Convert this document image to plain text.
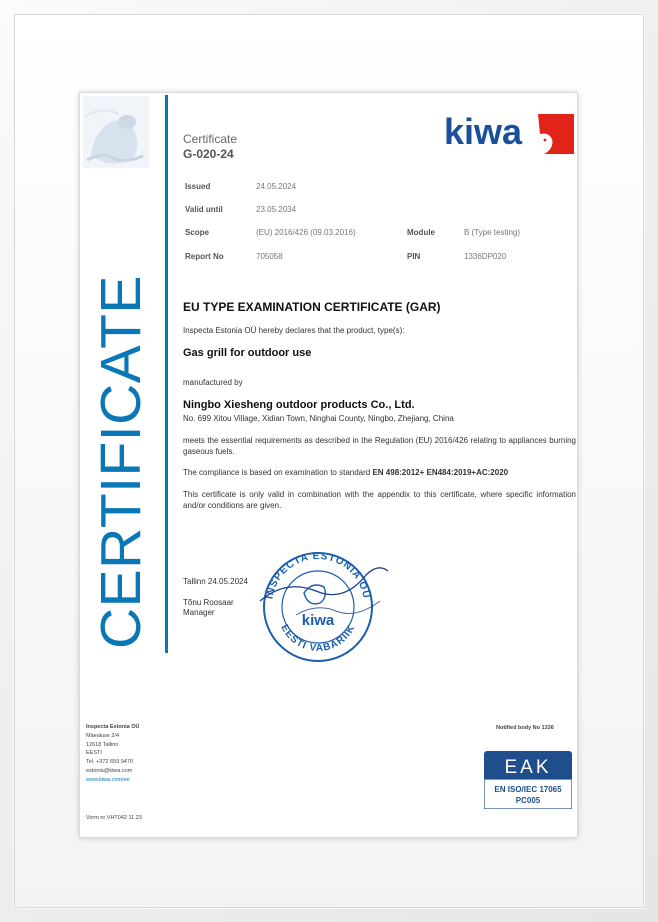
CERTIFICATE
Certificate
G-020-24
kiwa
Issued	24.05.2024
Valid until	23.05.2034
Scope	(EU) 2016/426 (09.03.2016)	Module	B (Type testing)
Report No	705058	PIN	1336DP020
EU TYPE EXAMINATION CERTIFICATE (GAR)
Inspecta Estonia OÜ hereby declares that the product, type(s):
Gas grill for outdoor use
manufactured by
Ningbo Xiesheng outdoor products Co., Ltd.
No. 699 Xitou Village, Xidian Town, Ninghai County, Ningbo, Zhejiang, China
meets the essential requirements as described in the Regulation (EU) 2016/426 relating to appliances burning gaseous fuels.
The compliance is based on examination to standard EN 498:2012+ EN484:2019+AC:2020
This certificate is only valid in combination with the appendix to this certificate, where specific information and/or conditions are given.
Tallinn 24.05.2024
Tõnu Roosaar
Manager
INSPECTA ESTONIA OÜ
EESTI VABARIIK
kiwa
Inspecta Estonia OÜ
Mäealuse 2/4
12618 Tallinn
EESTI
Tel. +372 659 9470
estonia@kiwa.com
www.kiwa.com/ee
Vorm nr VHT042 11.23
Notified body No 1336
EAK
EN ISO/IEC 17065
PC005
